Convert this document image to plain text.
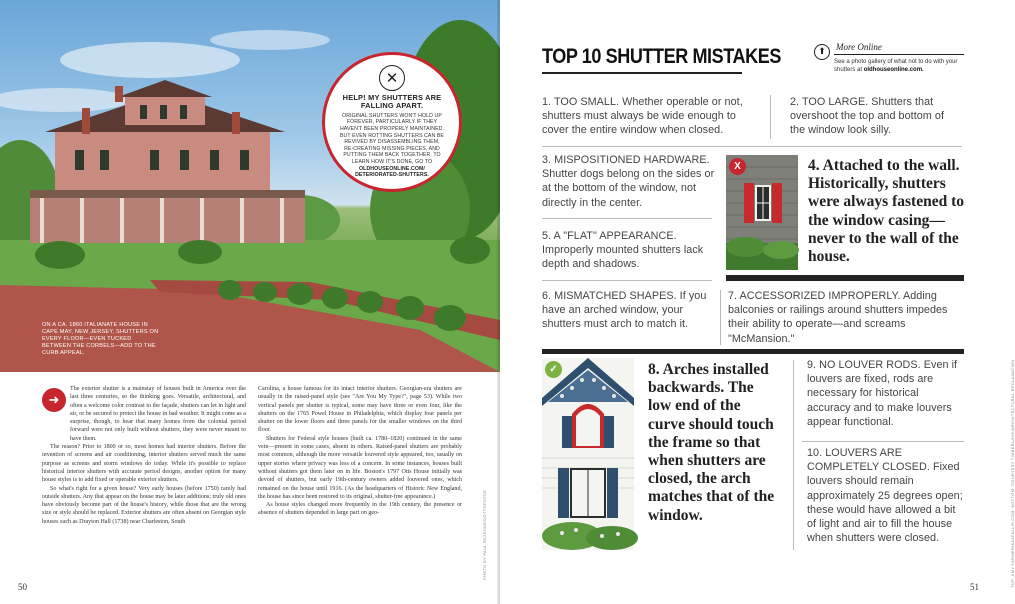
✕
HELP! MY SHUTTERS ARE FALLING APART.
ORIGINAL SHUTTERS WON'T HOLD UP FOREVER, PARTICULARLY IF THEY HAVEN'T BEEN PROPERLY MAINTAINED. BUT EVEN ROTTING SHUTTERS CAN BE REVIVED BY DISASSEMBLING THEM, RE-CREATING MISSING PIECES, AND PUTTING THEM BACK TOGETHER. TO LEARN HOW IT'S DONE, GO TO OLDHOUSEONLINE.COM/ DETERIORATED-SHUTTERS.
ON A CA. 1860 ITALIANATE HOUSE IN CAPE MAY, NEW JERSEY, SHUTTERS ON EVERY FLOOR—EVEN TUCKED BETWEEN THE CORBELS—ADD TO THE CURB APPEAL.
➜

The exterior shutter is a mainstay of houses built in America over the last three centuries, so the thinking goes. Versatile, architectural, and often a welcome color contrast to the façade, shutters can let in light and air, or be secured to protect the house in bad weather. It might come as a surprise, though, to hear that many homes from the colonial period forward were not only built without shutters, they were never meant to have them.

The reason? Prior to 1800 or so, most homes had interior shutters. Before the invention of screens and air conditioning, interior shutters served much the same purpose as screens and storm windows do today. While it's possible to replace historical interior shutters with accurate period designs, another option for many house styles is to add fixed or operable exterior shutters.

So what's right for a given house? Very early houses (before 1750) rarely had outside shutters. Any that appear on the house may be later additions; truly old ones have obviously become part of the house's history, while those that are the wrong size or style should be replaced. Exterior shutters are often absent on Georgian style houses such as Drayton Hall (1738) near Charleston, South

Carolina, a house famous for its intact interior shutters. Georgian-era shutters are usually in the raised-panel style (see "Are You My Type?", page 53). While two vertical panels per shutter is typical, some may have three or even four, like the shutters on the 1765 Powel House in Philadelphia, which display four panels per shutter on the lower floors and three panels for the smaller windows on the third floor.

Shutters for Federal style houses (built ca. 1780–1820) continued in the same vein—present in some cases, absent in others. Raised-panel shutters are probably most common, although the more versatile louvered style appeared, too, usually on upper stories where privacy was less of a concern. In some instances, houses built without shutters got them later on in life. Boston's 1797 Otis House initially was devoid of shutters, but early 19th-century owners added louvered ones, which remained on the house until 1916. (As the headquarters of Historic New England, the house has since been restored to its original, shutter-free appearance.)

As house styles changed more frequently in the 19th century, the presence or absence of shutters depended in large part on geo-

50
PHOTO BY PAUL REZENDES/OTTOFOTOS	TOP: AMY FARMER/KAYFALLIS.COM, BOTTOM: COURTESY TIMBERLANE/ARCHITECTURAL RECLAMATION
TOP 10 SHUTTER MISTAKES	⬆	More Online
See a photo gallery of what not to do with your shutters at oldhouseonline.com.
1. TOO SMALL. Whether operable or not, shutters must always be wide enough to cover the entire window when closed.
2. TOO LARGE. Shutters that overshoot the top and bottom of the window look silly.
3. MISPOSITIONED HARDWARE. Shutter dogs belong on the sides or at the bottom of the window, not directly in the center.
5. A "FLAT" APPEARANCE. Improperly mounted shutters lack depth and shadows.
X	4. Attached to the wall. Historically, shutters were always fastened to the window casing—never to the wall of the house.
6. MISMATCHED SHAPES. If you have an arched window, your shutters must arch to match it.
7. ACCESSORIZED IMPROPERLY. Adding balconies or railings around shutters impedes their ability to operate—and screams "McMansion."
✓	8. Arches installed backwards. The low end of the curve should touch the frame so that when shutters are closed, the arch matches that of the window.
9. NO LOUVER RODS. Even if louvers are fixed, rods are necessary for historical accuracy and to make louvers appear functional.
10. LOUVERS ARE COMPLETELY CLOSED. Fixed louvers should remain approximately 25 degrees open; these would have allowed a bit of light and air to fill the house when shutters were closed.
51
